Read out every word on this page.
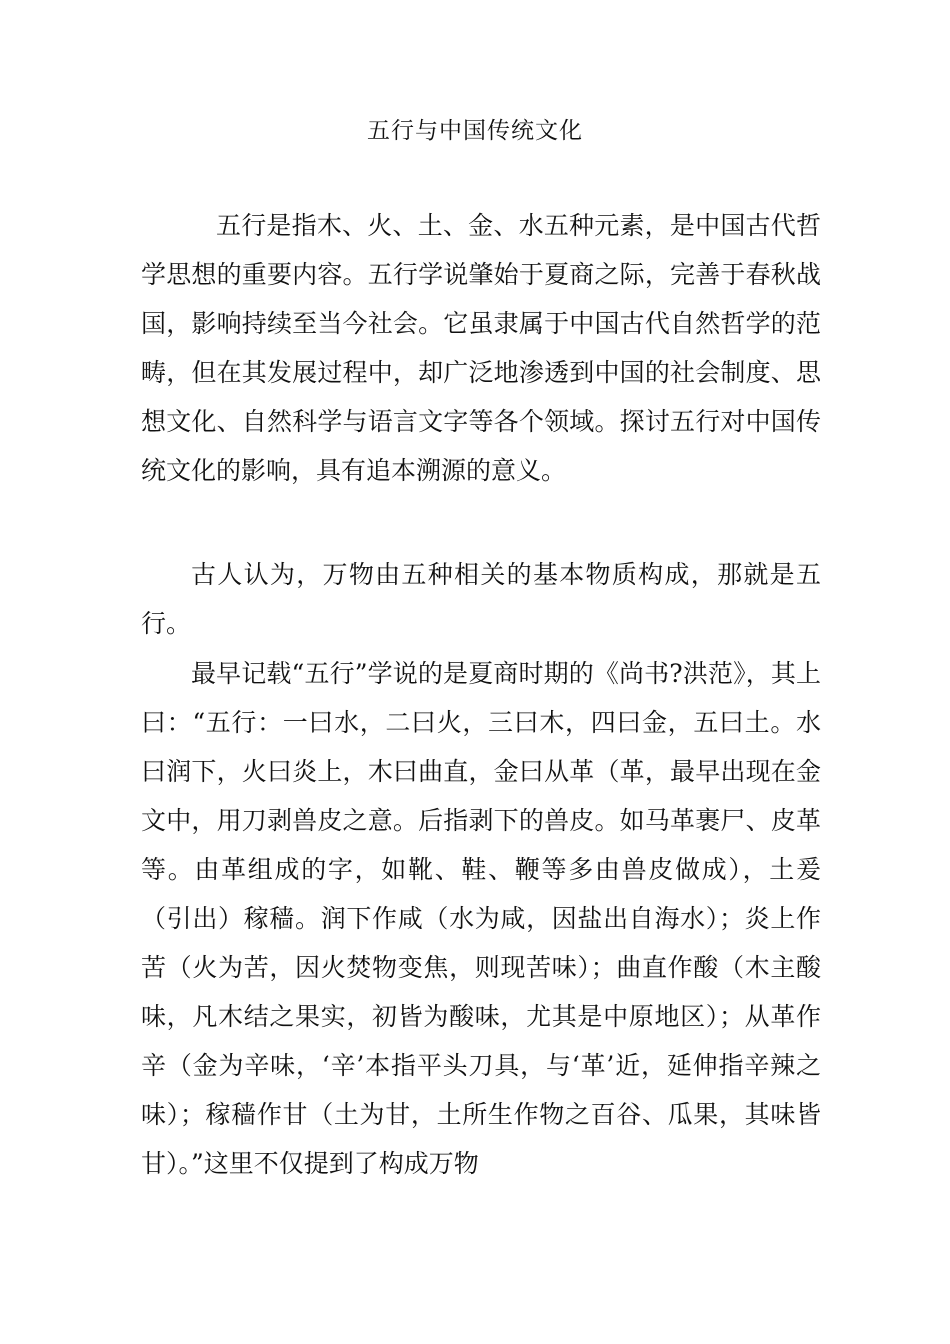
五行与中国传统文化

五行是指木、火、土、金、水五种元素，是中国古代哲学思想的重要内容。五行学说肇始于夏商之际，完善于春秋战国，影响持续至当今社会。它虽隶属于中国古代自然哲学的范畴，但在其发展过程中，却广泛地渗透到中国的社会制度、思想文化、自然科学与语言文字等各个领域。探讨五行对中国传统文化的影响，具有追本溯源的意义。

古人认为，万物由五种相关的基本物质构成，那就是五行。

最早记载“五行”学说的是夏商时期的《尚书?洪范》，其上曰：“五行：一曰水，二曰火，三曰木，四曰金，五曰土。水曰润下，火曰炎上，木曰曲直，金曰从革（革，最早出现在金文中，用刀剥兽皮之意。后指剥下的兽皮。如马革裹尸、皮革等。由革组成的字，如靴、鞋、鞭等多由兽皮做成），土爰（引出）稼穑。润下作咸（水为咸，因盐出自海水）；炎上作苦（火为苦，因火焚物变焦，则现苦味）；曲直作酸（木主酸味，凡木结之果实，初皆为酸味，尤其是中原地区）；从革作辛（金为辛味，‘辛’本指平头刀具，与‘革’近，延伸指辛辣之味）；稼穑作甘（土为甘，土所生作物之百谷、瓜果，其味皆甘）。”这里不仅提到了构成万物
